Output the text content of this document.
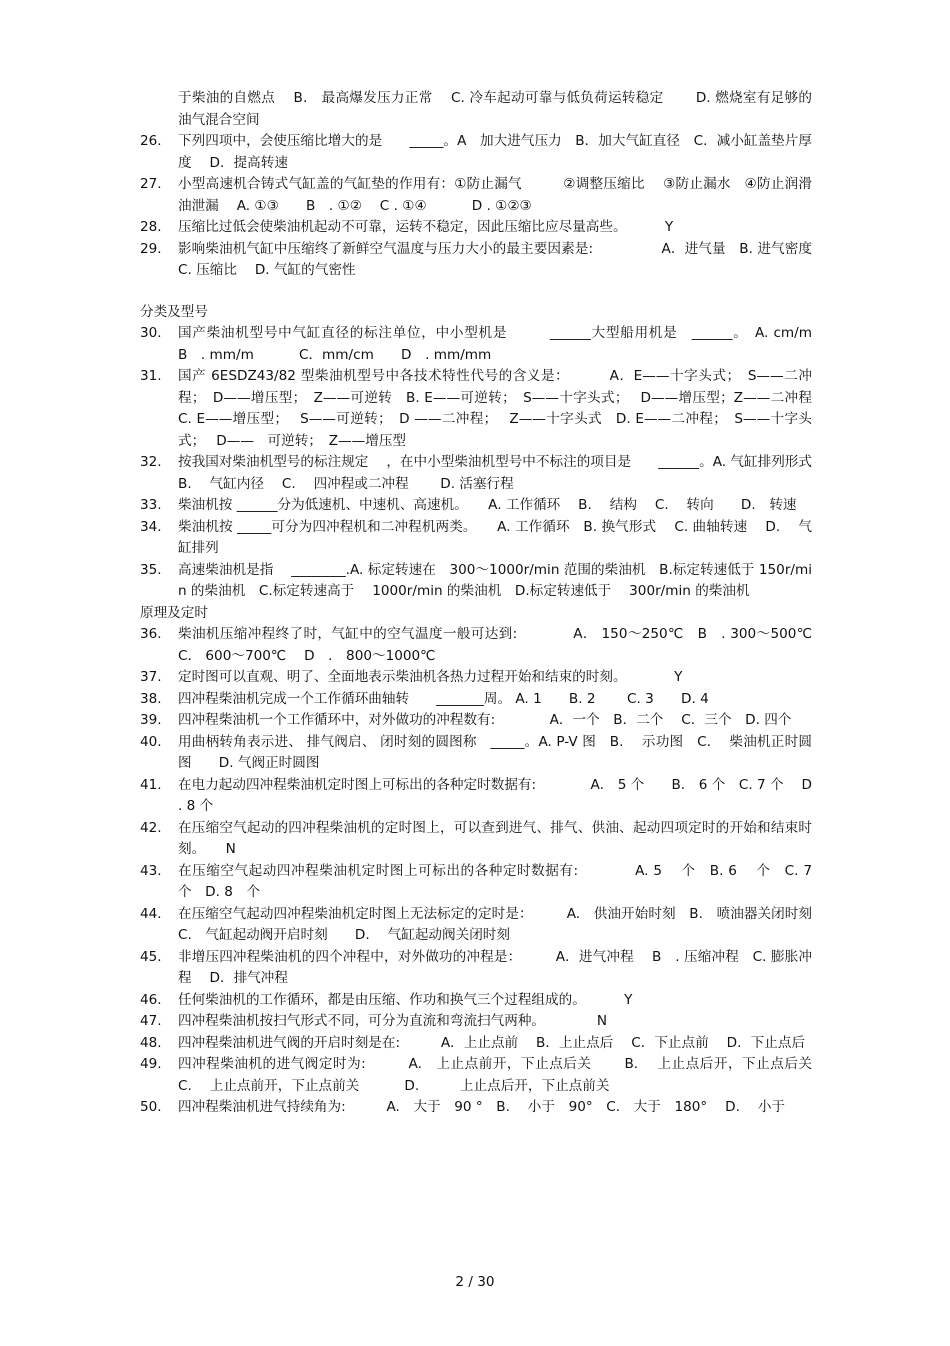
于柴油的自燃点　 B． 最高爆发压力正常　 C. 冷车起动可靠与低负荷运转稳定　　 D. 燃烧室有足够的油气混合空间
26.	下列四项中，会使压缩比增大的是　　_____。A　加大进气压力　B．加大气缸直径　C．减小缸盖垫片厚度　 D．提高转速
27.	小型高速机合铸式气缸盖的气缸垫的作用有：①防止漏气　　　②调整压缩比　 ③防止漏水　④防止润滑油泄漏　 A. ①③　　B　. ①②　 C . ①④　　　 D . ①②③
28.	压缩比过低会使柴油机起动不可靠，运转不稳定，因此压缩比应尽量高些。　　　 Y
29.	影响柴油机气缸中压缩终了新鲜空气温度与压力大小的最主要因素是:　　　　　A．进气量　B. 进气密度　　C. 压缩比　 D. 气缸的气密性
分类及型号
30.	国产柴油机型号中气缸直径的标注单位，中小型机是　　　______大型船用机是　______。　A. cm/m　　 B　. mm/m　　　 C．mm/cm　　D　. mm/mm
31.	国产 6ESDZ43/82 型柴油机型号中各技术特性代号的含义是：　　　 A．E——十字头式；　S——二冲程；　D——增压型；　Z——可逆转　B. E——可逆转；　S——十字头式；　 D——增压型；Z——二冲程　C. E——增压型；　 S——可逆转；　D ——二冲程；　 Z——十字头式　D. E——二冲程；　S——十字头式；　 D——　可逆转；　Z——增压型
32.	按我国对柴油机型号的标注规定　 ，在中小型柴油机型号中不标注的项目是　　______。A. 气缸排列形式　　 B.　 气缸内径　 C.　 四冲程或二冲程　　 D. 活塞行程
33.	柴油机按 ______分为低速机、中速机、高速机。　　A. 工作循环　 B.　 结构　 C.　 转向　　D.　转速
34.	柴油机按 _____可分为四冲程机和二冲程机两类。　　A. 工作循环　B. 换气形式　 C. 曲轴转速　 D.　 气缸排列
35.	高速柴油机是指　 ________.A. 标定转速在　300～1000r/min 范围的柴油机　B.标定转速低于 150r/min 的柴油机　C.标定转速高于　 1000r/min 的柴油机　D.标定转速低于　 300r/min 的柴油机
原理及定时
36.	柴油机压缩冲程终了时，气缸中的空气温度一般可达到:　　　　A． 150～250℃　B　. 300～500℃　　C． 600～700℃　 D　． 800～1000℃
37.	定时图可以直观、明了、全面地表示柴油机各热力过程开始和结束的时刻。　　　　Y
38.	四冲程柴油机完成一个工作循环曲轴转　　_______周。 A. 1　　B. 2　　 C. 3　　D. 4
39.	四冲程柴油机一个工作循环中，对外做功的冲程数有:　　　　A．一个　B．二个　 C．三个　D. 四个
40.	用曲柄转角表示进、 排气阀启、 闭时刻的圆图称　_____。A. P-V 图　B.　 示功图　C.　 柴油机正时圆图　　D. 气阀正时圆图
41.	在电力起动四冲程柴油机定时图上可标出的各种定时数据有:　　　　A． 5 个　　B． 6 个　C. 7 个　 D　. 8 个
42.	在压缩空气起动的四冲程柴油机的定时图上，可以查到进气、排气、供油、起动四项定时的开始和结束时刻。　　N
43.	在压缩空气起动四冲程柴油机定时图上可标出的各种定时数据有:　　　　A. 5　 个　B. 6　 个　C. 7　个　D. 8　个
44.	在压缩空气起动四冲程柴油机定时图上无法标定的定时是：　　　A.　供油开始时刻　B.　喷油器关闭时刻　C.　气缸起动阀开启时刻　　D.　 气缸起动阀关闭时刻
45.	非增压四冲程柴油机的四个冲程中，对外做功的冲程是：　　　A．进气冲程　 B　. 压缩冲程　C. 膨胀冲程　 D．排气冲程
46.	任何柴油机的工作循环，都是由压缩、作功和换气三个过程组成的。　　　 Y
47.	四冲程柴油机按扫气形式不同，可分为直流和弯流扫气两种。　　　　 N
48.	四冲程柴油机进气阀的开启时刻是在:　　　A．上止点前　 B．上止点后　 C．下止点前　 D．下止点后
49.	四冲程柴油机的进气阀定时为:　　　A.　上止点前开，下止点后关　　 B.　 上止点后开，下止点后关　C.　 上止点前开，下止点前关　　　 D.　　　上止点后开，下止点前关
50.	四冲程柴油机进气持续角为:　　　A.　大于　90 °　B.　 小于　90°　C.　大于　180°　 D.　 小于
2 / 30
